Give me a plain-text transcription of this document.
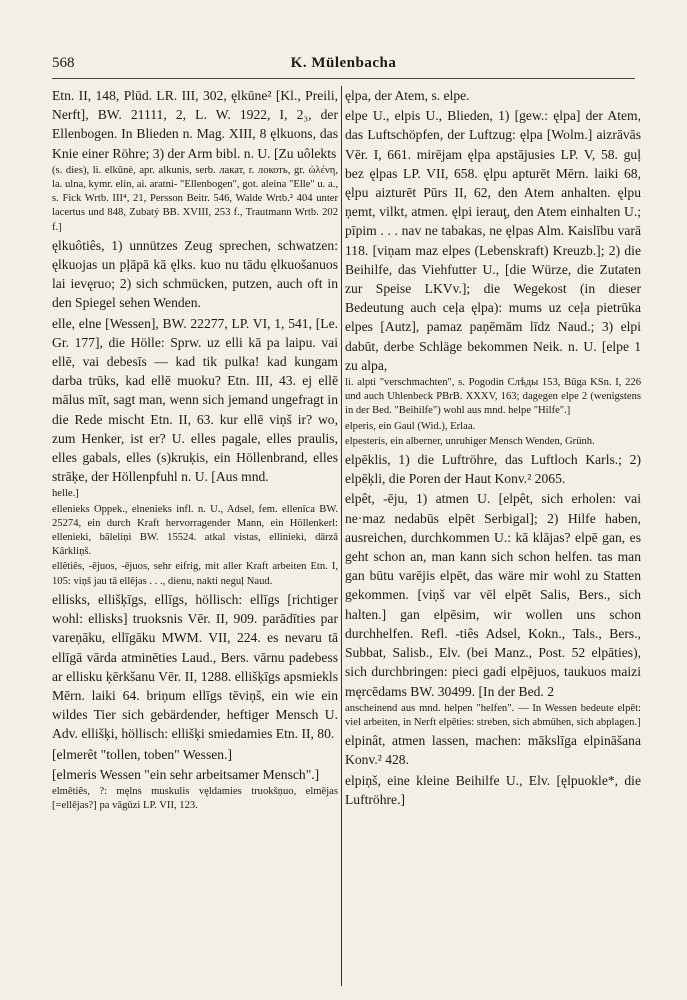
568	K. Mülenbacha

Etn. II, 148, Plūd. LR. III, 302, ęlkūne² [Kl., Preili, Nerft], BW. 21111, 2, L. W. 1922, I, 2₃, der Ellenbogen. In Blieden n. Mag. XIII, 8 ęlkuons, das Knie einer Röhre; 3) der Arm bibl. n. U. [Zu uôlekts

(s. dies), li. elkūnė, apr. alkunis, serb. лакат, r. локоть, gr. ὠλένη, la. ulna, kymr. elin, ai. aratni- "Ellenbogen", got. aleina "Elle" u. a., s. Fick Wrtb. III⁴, 21, Persson Beitr. 546, Walde Wrtb.² 404 unter lacertus und 848, Zubatý BB. XVIII, 253 f., Trautmann Wrtb. 202 f.]

ęlkuôtiês, 1) unnützes Zeug sprechen, schwatzen: ęlkuojas un pļāpā kā ęlks. kuo nu tādu ęlkuošanuos lai ievęruo; 2) sich schmücken, putzen, auch oft in den Spiegel sehen Wenden.

elle, elne [Wessen], BW. 22277, LP. VI, 1, 541, [Le. Gr. 177], die Hölle: Sprw. uz elli kā pa laipu. vai ellē, vai debesīs — kad tik pulka! kad kungam darba trūks, kad ellē muoku? Etn. III, 43. ej ellē mālus mīt, sagt man, wenn sich jemand ungefragt in die Rede mischt Etn. II, 63. kur ellē viņš ir? wo, zum Henker, ist er? U. elles pagale, elles praulis, elles gabals, elles (s)kruķis, ein Höllenbrand, elles strāķe, der Höllenpfuhl n. U. [Aus mnd.

helle.]

ellenieks Oppek., elnenieks infl. n. U., Adsel, fem. ellenīca BW. 25274, ein durch Kraft hervorragender Mann, ein Höllenkerl: ellenieki, bāleliņi BW. 15524. atkal vistas, ellinieki, dārzā Kārkliņš.

ellêtiês, -ējuos, -ējuos, sehr eifrig, mit aller Kraft arbeiten Etn. I, 105: viņš jau tā ellējas . . ., dienu, nakti neguļ Naud.

ellisks, ellišķīgs, ellīgs, höllisch: ellīgs [richtiger wohl: ellisks] truoksnis Vēr. II, 909. parādīties par vareņāku, ellīgāku MWM. VII, 224. es nevaru tā ellīgā vārda atminēties Laud., Bers. vārnu padebess ar ellisku ķērkšanu Vēr. II, 1288. ellišķīgs apsmiekls Mērn. laiki 64. briņum ellīgs tēviņš, ein wie ein wildes Tier sich gebärdender, heftiger Mensch U. Adv. ellišķi, höllisch: ellišķi smiedamies Etn. II, 80.

[elmerêt "tollen, toben" Wessen.]

[elmeris Wessen "ein sehr arbeitsamer Mensch".]

elmêtiês, ?: męlns muskulis vęldamies truokšņuo, elmējas [=ellējas?] pa vāgūzi LP. VII, 123.

ęlpa, der Atem, s. elpe.

elpe U., elpis U., Blieden, 1) [gew.: ęlpa] der Atem, das Luftschöpfen, der Luftzug: ęlpa [Wolm.] aizrāvās Vēr. I, 661. mirējam ęlpa apstājusies LP. V, 58. guļ bez ęlpas LP. VII, 658. ęlpu apturēt Mērn. laiki 68, ęlpu aizturēt Pūrs II, 62, den Atem anhalten. ęlpu ņemt, vilkt, atmen. ęlpi ierauţ, den Atem einhalten U.; pīpim . . . nav ne tabakas, ne ęlpas Alm. Kaislību varā 118. [viņam maz elpes (Lebenskraft) Kreuzb.]; 2) die Beihilfe, das Viehfutter U., [die Würze, die Zutaten zur Speise LKVv.]; die Wegekost (in dieser Bedeutung auch ceļa ęlpa): mums uz ceļa pietrūka elpes [Autz], pamaz paņēmām līdz Naud.; 3) elpi dabūt, derbe Schläge bekommen Neik. n. U. [elpe 1 zu alpa,

li. alpti "verschmachten", s. Pogodin Слѣды 153, Būga KSn. I, 226 und auch Uhlenbeck PBrB. XXXV, 163; dagegen elpe 2 (wenigstens in der Bed. "Beihilfe") wohl aus mnd. helpe "Hilfe".]

elperis, ein Gaul (Wid.), Erlaa.

elpesteris, ein alberner, unruhiger Mensch Wenden, Grünh.

elpēklis, 1) die Luftröhre, das Luftloch Karls.; 2) elpēķli, die Poren der Haut Konv.² 2065.

elpêt, -ēju, 1) atmen U. [elpêt, sich erholen: vai ne·maz nedabūs elpēt Serbigal]; 2) Hilfe haben, ausreichen, durchkommen U.: kā klājas? elpē gan, es geht schon an, man kann sich schon helfen. tas man gan būtu varējis elpēt, das wäre mir wohl zu Statten gekommen. [viņš var vēl elpēt Salis, Bers., sich halten.] gan elpēsim, wir wollen uns schon durchhelfen. Refl. -tiês Adsel, Kokn., Tals., Bers., Subbat, Salisb., Elv. (bei Manz., Post. 52 elpāties), sich durchbringen: pieci gadi elpējuos, taukuos maizi męrcēdams BW. 30499. [In der Bed. 2

anscheinend aus mnd. helpen "helfen". — In Wessen bedeute elpēt: viel arbeiten, in Nerft elpēties: streben, sich abmühen, sich abplagen.]

elpinât, atmen lassen, machen: mākslīga elpināšana Konv.² 428.

elpiņš, eine kleine Beihilfe U., Elv. [ęlpuokle*, die Luftröhre.]
